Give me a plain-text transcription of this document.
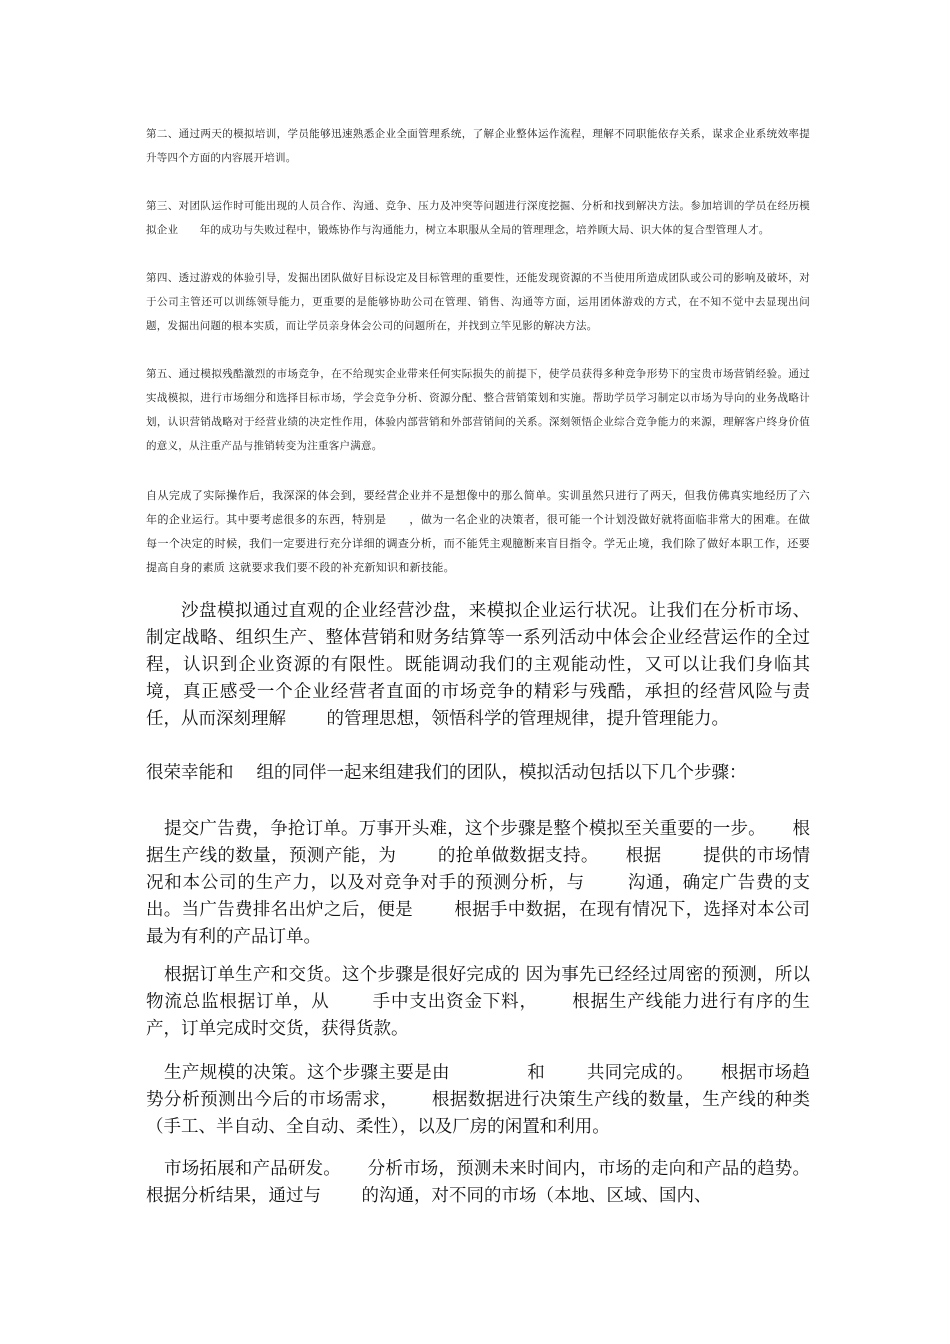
第二、通过两天的模拟培训，学员能够迅速熟悉企业全面管理系统，了解企业整体运作流程，理解不同职能依存关系，谋求企业系统效率提升等四个方面的内容展开培训。

第三、对团队运作时可能出现的人员合作、沟通、竞争、压力及冲突等问题进行深度挖掘、分析和找到解决方法。参加培训的学员在经历模拟企业　　年的成功与失败过程中，锻炼协作与沟通能力，树立本职服从全局的管理理念，培养顾大局、识大体的复合型管理人才。

第四、透过游戏的体验引导，发掘出团队做好目标设定及目标管理的重要性，还能发现资源的不当使用所造成团队或公司的影响及破坏，对于公司主管还可以训练领导能力，更重要的是能够协助公司在管理、销售、沟通等方面，运用团体游戏的方式，在不知不觉中去显现出问题，发掘出问题的根本实质，而让学员亲身体会公司的问题所在，并找到立竿见影的解决方法。

第五、通过模拟残酷激烈的市场竞争，在不给现实企业带来任何实际损失的前提下，使学员获得多种竞争形势下的宝贵市场营销经验。通过实战模拟，进行市场细分和选择目标市场，学会竞争分析、资源分配、整合营销策划和实施。帮助学员学习制定以市场为导向的业务战略计划，认识营销战略对于经营业绩的决定性作用，体验内部营销和外部营销间的关系。深刻领悟企业综合竞争能力的来源，理解客户终身价值的意义，从注重产品与推销转变为注重客户满意。

自从完成了实际操作后，我深深的体会到，要经营企业并不是想像中的那么简单。实训虽然只进行了两天，但我仿佛真实地经历了六年的企业运行。其中要考虑很多的东西，特别是　　，做为一名企业的决策者，很可能一个计划没做好就将面临非常大的困难。在做每一个决定的时候，我们一定要进行充分详细的调查分析，而不能凭主观臆断来盲目指令。学无止境，我们除了做好本职工作，还要提高自身的素质 这就要求我们要不段的补充新知识和新技能。

沙盘模拟通过直观的企业经营沙盘，来模拟企业运行状况。让我们在分析市场、制定战略、组织生产、整体营销和财务结算等一系列活动中体会企业经营运作的全过程，认识到企业资源的有限性。既能调动我们的主观能动性，又可以让我们身临其境，真正感受一个企业经营者直面的市场竞争的精彩与残酷，承担的经营风险与责任，从而深刻理解　　 的管理思想，领悟科学的管理规律，提升管理能力。

很荣幸能和　 组的同伴一起来组建我们的团队，模拟活动包括以下几个步骤：

提交广告费，争抢订单。万事开头难，这个步骤是整个模拟至关重要的一步。　　根据生产线的数量，预测产能，为　　 的抢单做数据支持。　　根据　　 提供的市场情况和本公司的生产力，以及对竞争对手的预测分析，与　　 沟通，确定广告费的支出。当广告费排名出炉之后，便是　　 根据手中数据，在现有情况下，选择对本公司最为有利的产品订单。

根据订单生产和交货。这个步骤是很好完成的 因为事先已经经过周密的预测，所以物流总监根据订单，从　　 手中支出资金下料，　　 根据生产线能力进行有序的生产，订单完成时交货，获得货款。

生产规模的决策。这个步骤主要是由　　　　 和　　 共同完成的。　　根据市场趋势分析预测出今后的市场需求，　　 根据数据进行决策生产线的数量，生产线的种类（手工、半自动、全自动、柔性），以及厂房的闲置和利用。

市场拓展和产品研发。　　分析市场，预测未来时间内，市场的走向和产品的趋势。根据分析结果，通过与　　 的沟通，对不同的市场（本地、区域、国内、
